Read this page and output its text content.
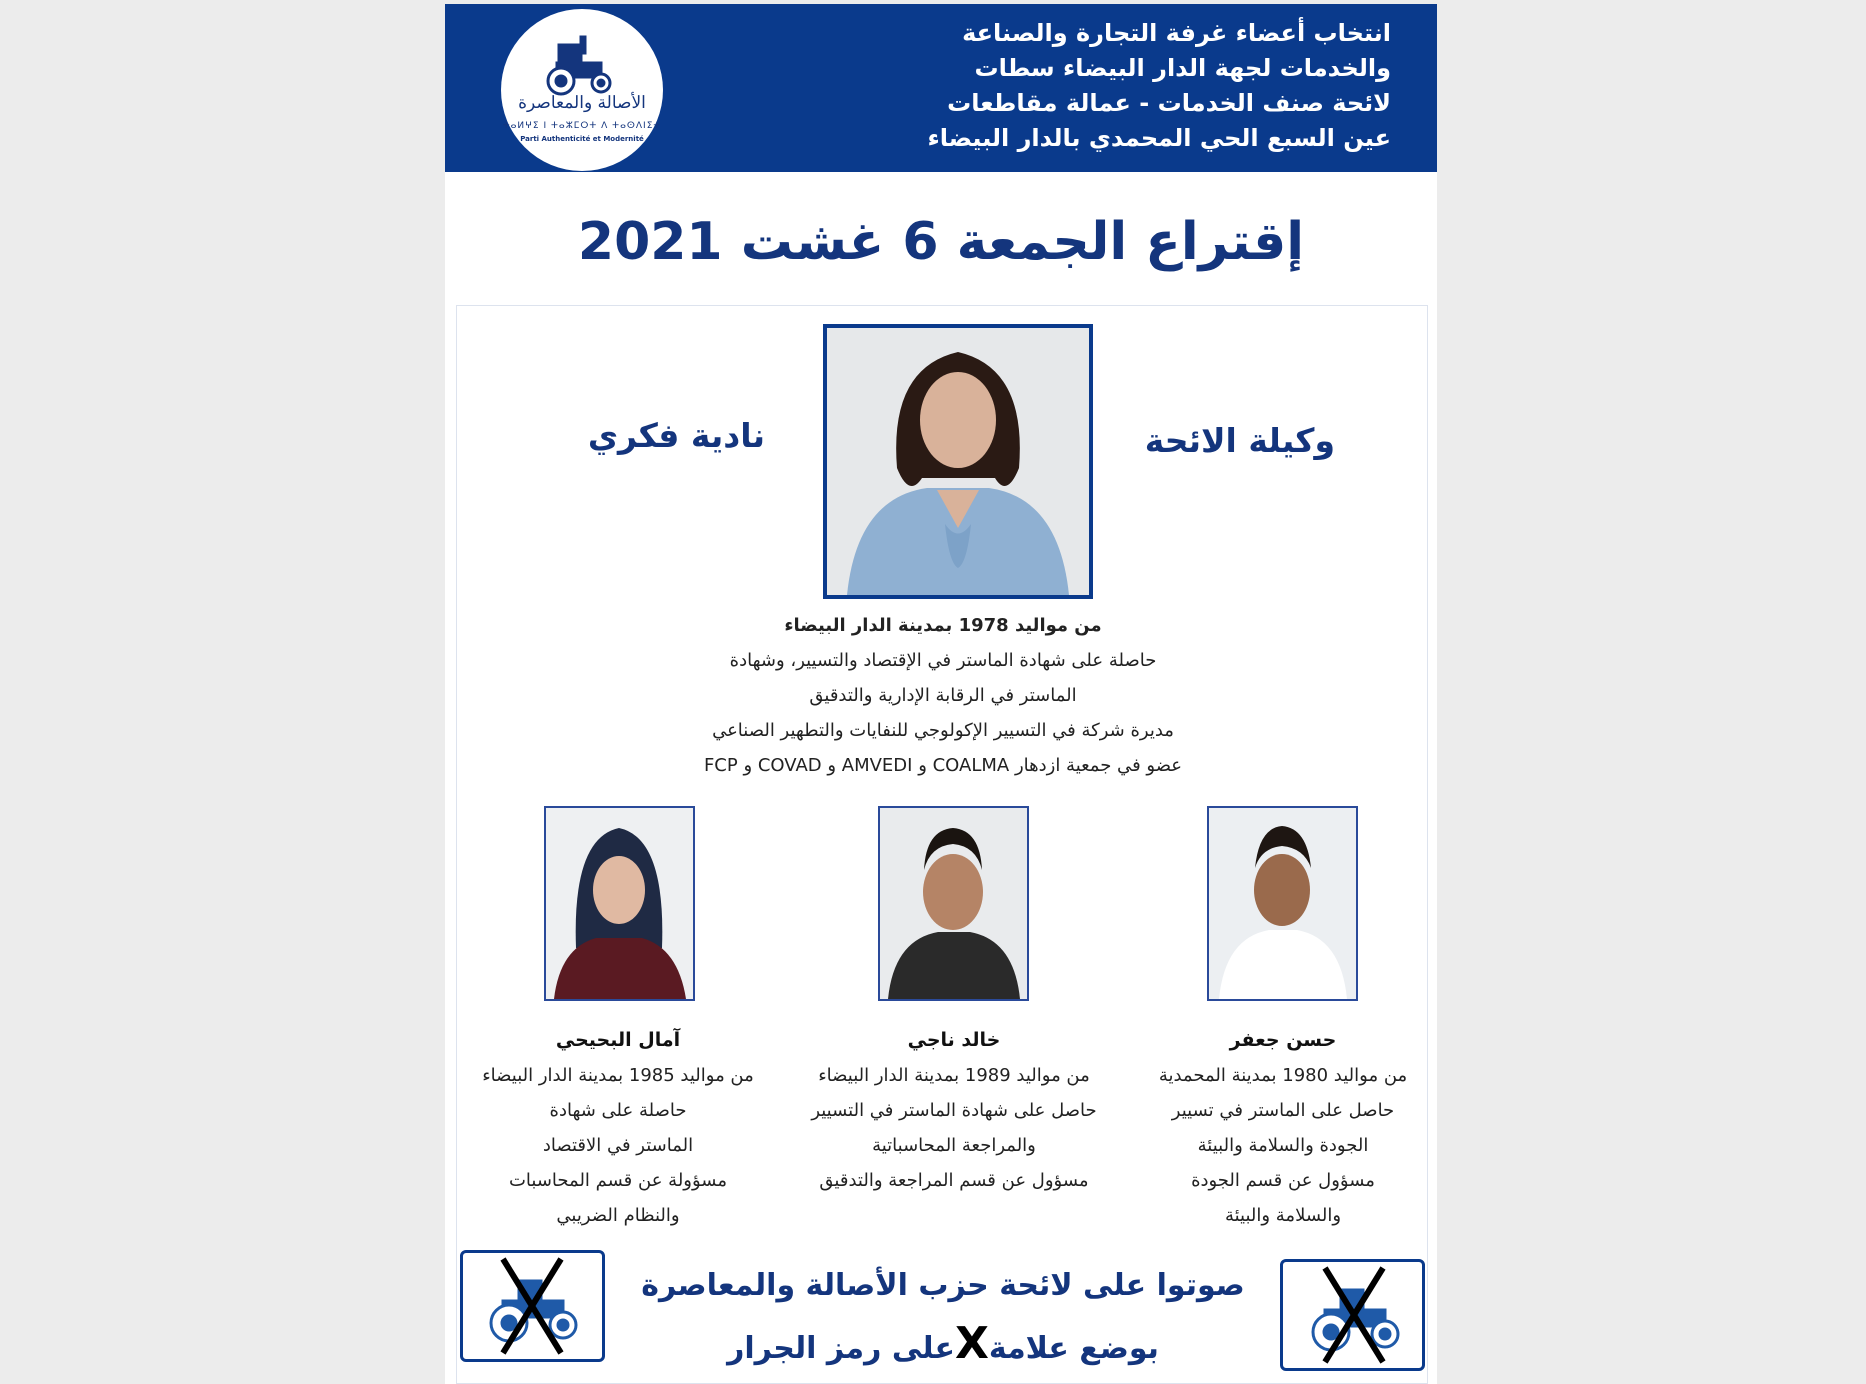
الأصالة والمعاصرة
ⵜⴰⵍⵖⵉ ⵏ ⵜⴰⵣⵎⵔⵜ ⴷ ⵜⴰⵙⴷⵏⵉⵜ
Parti Authenticité et Modernité
انتخاب أعضاء غرفة التجارة والصناعة
والخدمات لجهة الدار البيضاء سطات
لائحة صنف الخدمات - عمالة مقاطعات
عين السبع الحي المحمدي بالدار البيضاء
إقتراع الجمعة 6 غشت 2021
وكيلة الائحة
نادية فكري
من مواليد 1978 بمدينة الدار البيضاء
حاصلة على شهادة الماستر في الإقتصاد والتسيير، وشهادة
الماستر في الرقابة الإدارية والتدقيق
مديرة شركة في التسيير الإكولوجي للنفايات والتطهير الصناعي
عضو في جمعية ازدهار COALMA و AMVEDI و COVAD و FCP
حسن جعفر
من مواليد 1980 بمدينة المحمدية
حاصل على الماستر في تسيير
الجودة والسلامة والبيئة
مسؤول عن قسم الجودة
والسلامة والبيئة
خالد ناجي
من مواليد 1989 بمدينة الدار البيضاء
حاصل على شهادة الماستر في التسيير
والمراجعة المحاسباتية
مسؤول عن قسم المراجعة والتدقيق
آمال البحيحي
من مواليد 1985 بمدينة الدار البيضاء
حاصلة على شهادة
الماستر في الاقتصاد
مسؤولة عن قسم المحاسبات
والنظام الضريبي
صوتوا على لائحة حزب الأصالة والمعاصرة
بوضع علامةXعلى رمز الجرار
